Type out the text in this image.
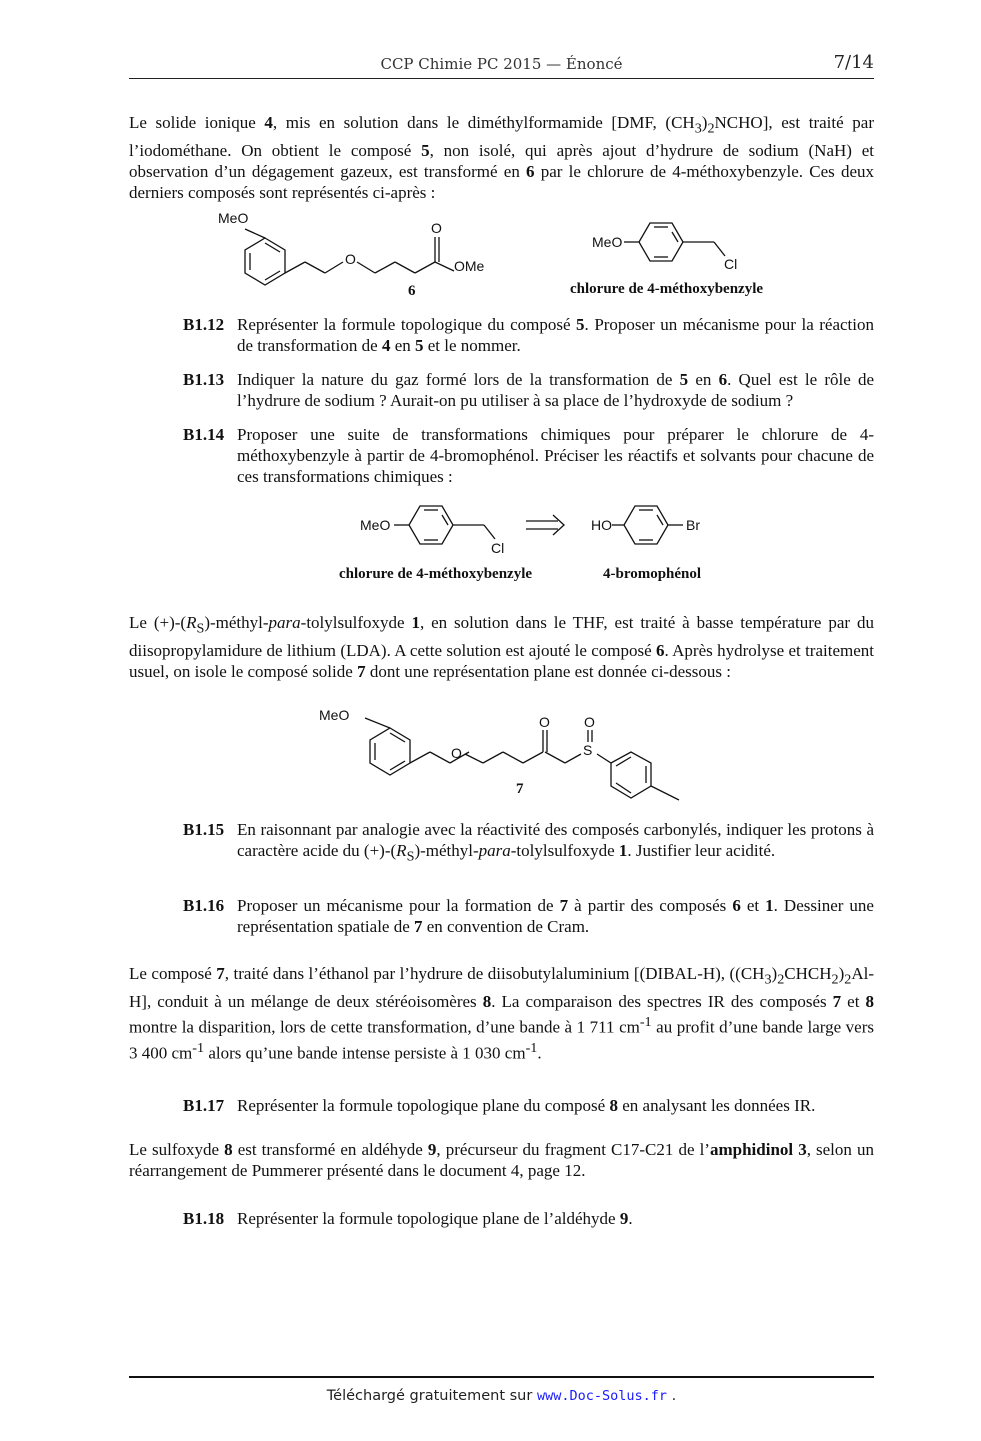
CCP Chimie PC 2015 — Énoncé	7/14
Le solide ionique 4, mis en solution dans le diméthylformamide [DMF, $(CH_3)_2NCHO$], est traité par l’iodométhane. On obtient le composé 5, non isolé, qui après ajout d’hydrure de sodium (NaH) et observation d’un dégagement gazeux, est transformé en 6 par le chlorure de 4-méthoxybenzyle. Ces deux derniers composés sont représentés ci-après :
MeO
O
O
OMe
6
MeO
Cl
chlorure de 4-méthoxybenzyle
B1.12 Représenter la formule topologique du composé 5. Proposer un mécanisme pour la réaction de transformation de 4 en 5 et le nommer.
B1.13 Indiquer la nature du gaz formé lors de la transformation de 5 en 6. Quel est le rôle de l’hydrure de sodium ? Aurait-on pu utiliser à sa place de l’hydroxyde de sodium ?
B1.14 Proposer une suite de transformations chimiques pour préparer le chlorure de 4-méthoxybenzyle à partir de 4-bromophénol. Préciser les réactifs et solvants pour chacune de ces transformations chimiques :
MeO
Cl
HO	Br
chlorure de 4-méthoxybenzyle	4-bromophénol
Le $(+)-(R_S)-méthyl-para$-tolylsulfoxyde 1, en solution dans le THF, est traité à basse température par du diisopropylamidure de lithium (LDA). A cette solution est ajouté le composé 6. Après hydrolyse et traitement usuel, on isole le composé solide 7 dont une représentation plane est donnée ci-dessous :
MeO
O
O
S
O
7
B1.15 En raisonnant par analogie avec la réactivité des composés carbonylés, indiquer les protons à caractère acide du $(+)-(R_S)-méthyl-para$-tolylsulfoxyde 1. Justifier leur acidité.
B1.16 Proposer un mécanisme pour la formation de 7 à partir des composés 6 et 1. Dessiner une représentation spatiale de 7 en convention de Cram.
Le composé 7, traité dans l’éthanol par l’hydrure de diisobutylaluminium [(DIBAL-H), $((CH_3)_2CHCH_2)_2Al-H$], conduit à un mélange de deux stéréoisomères 8. La comparaison des spectres IR des composés 7 et 8 montre la disparition, lors de cette transformation, d’une bande à 1 711 $cm^{-1}$ au profit d’une bande large vers 3 400 $cm^{-1}$ alors qu’une bande intense persiste à 1 030 $cm^{-1}$.
B1.17 Représenter la formule topologique plane du composé 8 en analysant les données IR.
Le sulfoxyde 8 est transformé en aldéhyde 9, précurseur du fragment C17-C21 de l’amphidinol 3, selon un réarrangement de Pummerer présenté dans le document 4, page 12.
B1.18 Représenter la formule topologique plane de l’aldéhyde 9.
Téléchargé gratuitement sur www.Doc-Solus.fr .
